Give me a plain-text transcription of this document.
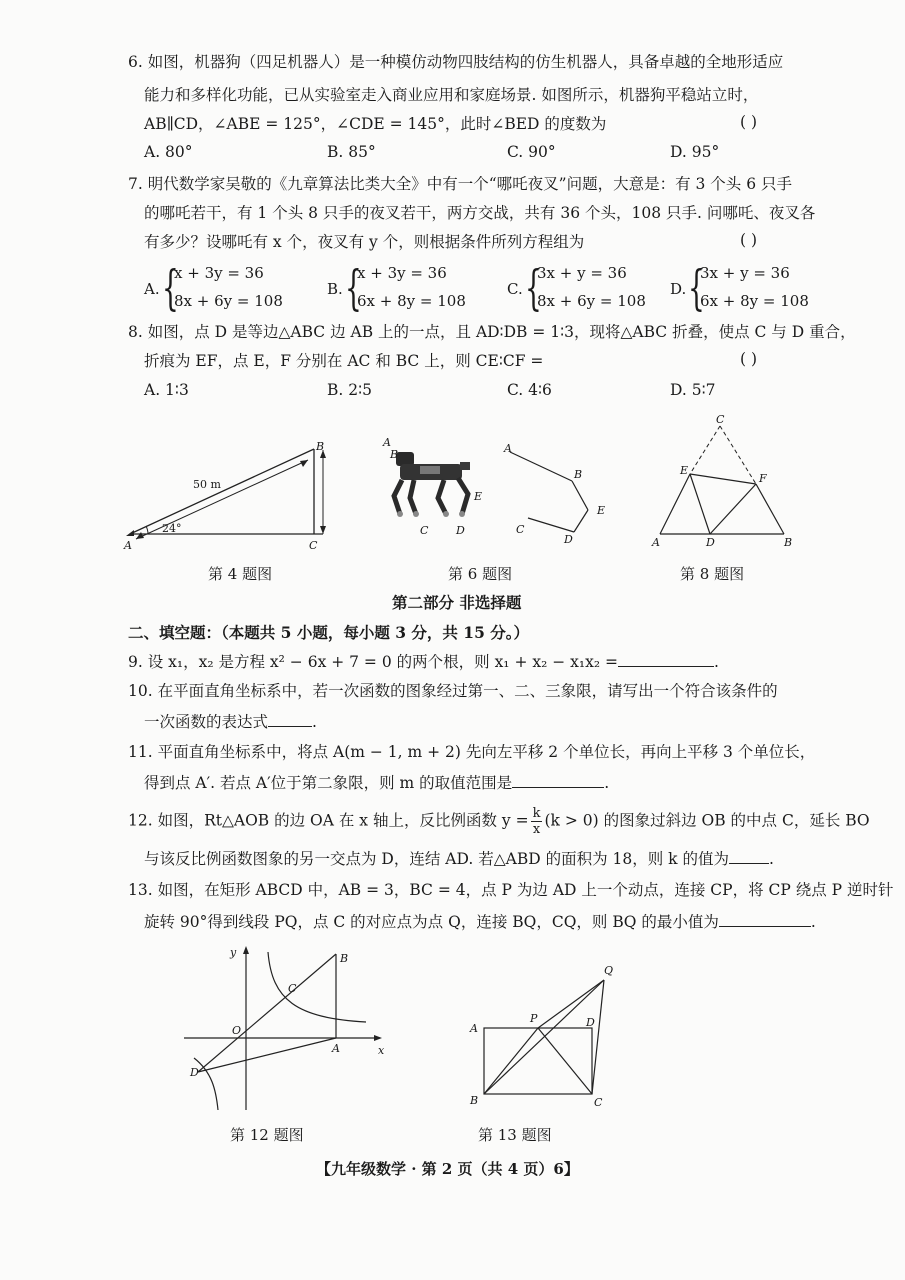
6. 如图，机器狗（四足机器人）是一种模仿动物四肢结构的仿生机器人，具备卓越的全地形适应
能力和多样化功能，已从实验室走入商业应用和家庭场景. 如图所示，机器狗平稳站立时，
AB∥CD，∠ABE = 125°，∠CDE = 145°，此时∠BED 的度数为	( )
A. 80°	B. 85°	C. 90°	D. 95°
7. 明代数学家吴敬的《九章算法比类大全》中有一个“哪吒夜叉”问题，大意是：有 3 个头 6 只手
的哪吒若干，有 1 个头 8 只手的夜叉若干，两方交战，共有 36 个头，108 只手. 问哪吒、夜叉各
有多少？设哪吒有 x 个，夜叉有 y 个，则根据条件所列方程组为	( )
A. {
x + 3y = 36
8x + 6y = 108
B. {
x + 3y = 36
6x + 8y = 108
C. {
3x + y = 36
8x + 6y = 108
D. {
3x + y = 36
6x + 8y = 108
8. 如图，点 D 是等边△ABC 边 AB 上的一点，且 AD∶DB = 1∶3，现将△ABC 折叠，使点 C 与 D 重合，
折痕为 EF，点 E，F 分别在 AC 和 BC 上，则 CE∶CF =	( )
A. 1∶3	B. 2∶5	C. 4∶6	D. 5∶7
50 m
24°
A
B
C
第 4 题图
A
B
E
C	D
A
B
E
D
C
第 6 题图
C
E
F
A	D	B
第 8 题图
第二部分 非选择题
二、填空题：（本题共 5 小题，每小题 3 分，共 15 分。）
9. 设 x₁，x₂ 是方程 x² − 6x + 7 = 0 的两个根，则 x₁ + x₂ − x₁x₂ =	.
10. 在平面直角坐标系中，若一次函数的图象经过第一、二、三象限，请写出一个符合该条件的
一次函数的表达式	.
11. 平面直角坐标系中，将点 A(m − 1, m + 2) 先向左平移 2 个单位长，再向上平移 3 个单位长，
得到点 A′. 若点 A′位于第二象限，则 m 的取值范围是	.
12. 如图，Rt△AOB 的边 OA 在 x 轴上，反比例函数 $y = \frac{k}{x} (k > 0)$ 的图象过斜边 OB 的中点 C，延长 BO
与该反比例函数图象的另一交点为 D，连结 AD. 若△ABD 的面积为 18，则 k 的值为	.
13. 如图，在矩形 ABCD 中，AB = 3，BC = 4，点 P 为边 AD 上一个动点，连接 CP，将 CP 绕点 P 逆时针
旋转 90°得到线段 PQ，点 C 的对应点为点 Q，连接 BQ，CQ，则 BQ 的最小值为	.
y
x
O
A
B
C
D
第 12 题图
A
B	C
D
P
Q
第 13 题图
【九年级数学 · 第 2 页（共 4 页）6】
